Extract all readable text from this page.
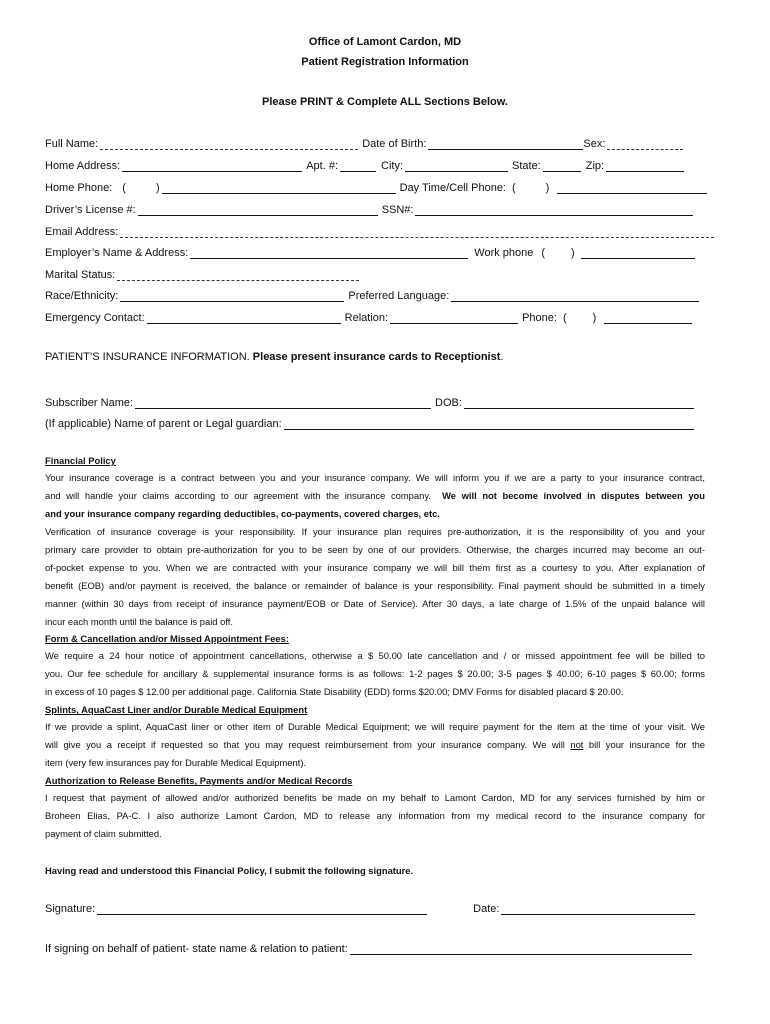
Office of Lamont Cardon, MD
Patient Registration Information
Please PRINT & Complete ALL Sections Below.
Full Name:	Date of Birth:	Sex:
Home Address:	Apt. #:	City:	State:	Zip:
Home Phone: (	)	Day Time/Cell Phone: (	)
Driver’s License #:	SSN#:
Email Address:
Employer’s Name & Address:	Work phone ( )
Marital Status:
Race/Ethnicity:	Preferred Language:
Emergency Contact:	Relation:	Phone: ( )
PATIENT’S INSURANCE INFORMATION. Please present insurance cards to Receptionist.
Subscriber Name:	DOB:
(If applicable) Name of parent or Legal guardian:
Financial Policy
Your insurance coverage is a contract between you and your insurance company. We will inform you if we are a party to your insurance contract,
and will handle your claims according to our agreement with the insurance company. We will not become involved in disputes between you
and your insurance company regarding deductibles, co-payments, covered charges, etc.
Verification of insurance coverage is your responsibility. If your insurance plan requires pre-authorization, it is the responsibility of you and your
primary care provider to obtain pre-authorization for you to be seen by one of our providers. Otherwise, the charges incurred may become an out-
of-pocket expense to you. When we are contracted with your insurance company we will bill them first as a courtesy to you. After explanation of
benefit (EOB) and/or payment is received, the balance or remainder of balance is your responsibility. Final payment should be submitted in a timely
manner (within 30 days from receipt of insurance payment/EOB or Date of Service). After 30 days, a late charge of 1.5% of the unpaid balance will
incur each month until the balance is paid off.
Form & Cancellation and/or Missed Appointment Fees:
We require a 24 hour notice of appointment cancellations, otherwise a $ 50.00 late cancellation and / or missed appointment fee will be billed to
you. Our fee schedule for ancillary & supplemental insurance forms is as follows: 1-2 pages $ 20.00; 3-5 pages $ 40.00; 6-10 pages $ 60.00; forms
in excess of 10 pages $ 12.00 per additional page. California State Disability (EDD) forms $20.00; DMV Forms for disabled placard $ 20.00.
Splints, AquaCast Liner and/or Durable Medical Equipment
If we provide a splint, AquaCast liner or other item of Durable Medical Equipment; we will require payment for the item at the time of your visit. We
will give you a receipt if requested so that you may request reimbursement from your insurance company. We will not bill your insurance for the
item (very few insurances pay for Durable Medical Equipment).
Authorization to Release Benefits, Payments and/or Medical Records
I request that payment of allowed and/or authorized benefits be made on my behalf to Lamont Cardon, MD for any services furnished by him or
Broheen Elias, PA-C. I also authorize Lamont Cardon, MD to release any information from my medical record to the insurance company for
payment of claim submitted.
Having read and understood this Financial Policy, I submit the following signature.
Signature:	Date:
If signing on behalf of patient- state name & relation to patient:
